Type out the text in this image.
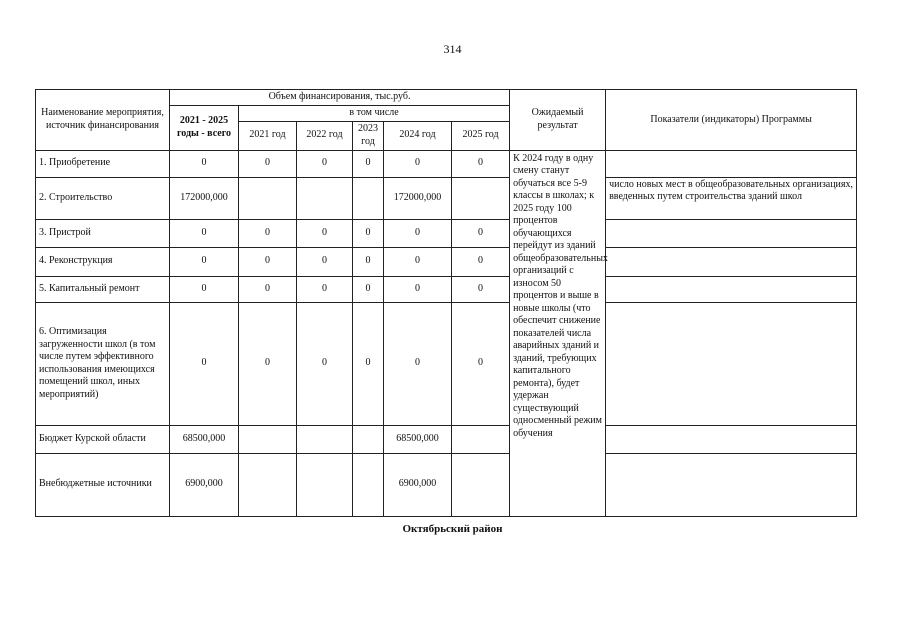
314
Наименование мероприятия, источник финансирования	Объем финансирования, тыс.руб.						Ожидаемый результат	Показатели (индикаторы) Программы
	2021 - 2025 годы - всего	в том числе						
		2021 год	2022 год	2023 год	2024 год	2025 год		
1. Приобретение	0	0	0	0	0	0	К 2024 году в одну смену станут обучаться все 5-9 классы в школах; к 2025 году 100 процентов обучающихся перейдут из зданий общеобразовательных организаций с износом 50 процентов и выше в новые школы (что обеспечит снижение показателей числа аварийных зданий и зданий, требующих капитального ремонта), будет удержан существующий односменный режим обучения	
2. Строительство	172000,000				172000,000			число новых мест в общеобразовательных организациях, введенных путем строительства зданий школ
3. Пристрой	0	0	0	0	0	0		
4. Реконструкция	0	0	0	0	0	0		
5. Капитальный ремонт	0	0	0	0	0	0		
6. Оптимизация загруженности школ (в том числе путем эффективного использования имеющихся помещений школ, иных мероприятий)	0	0	0	0	0	0		
Бюджет Курской области	68500,000				68500,000			
Внебюджетные источники	6900,000				6900,000			
Октябрьский район
